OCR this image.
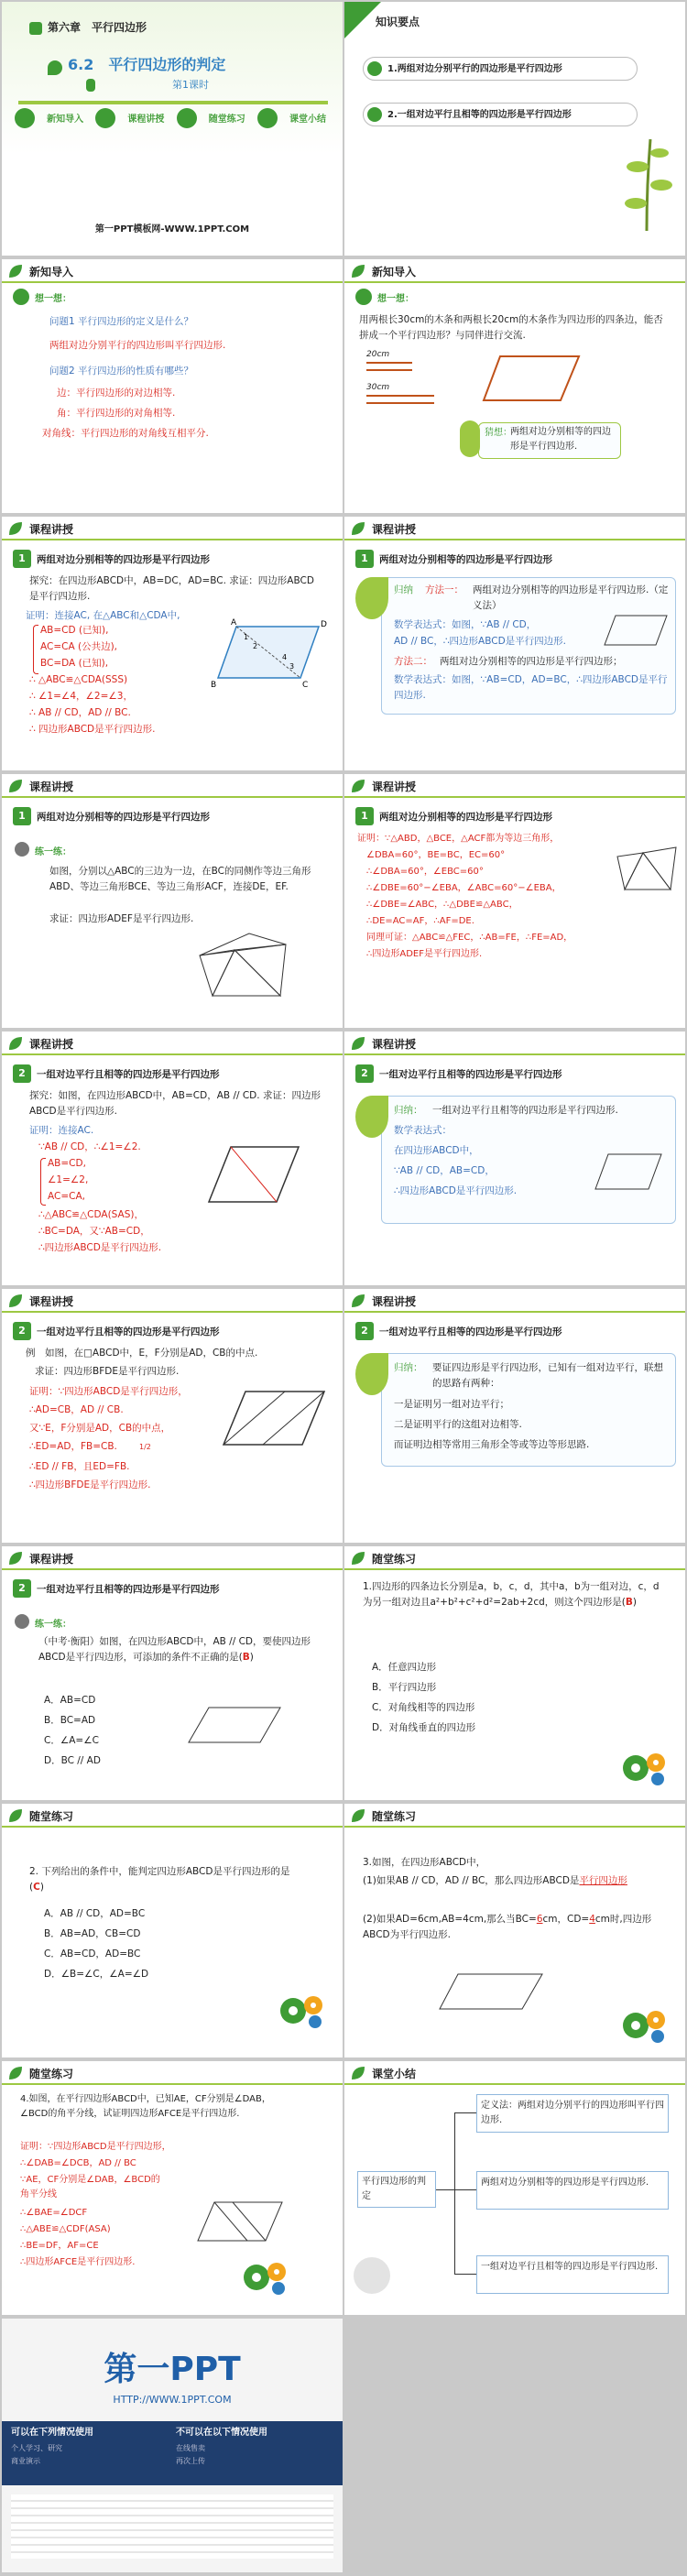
第六章　平行四边形
6.2　平行四边形的判定
第1课时
新知导入	课程讲授	随堂练习	课堂小结
第一PPT模板网-WWW.1PPT.COM
知识要点
1.两组对边分别平行的四边形是平行四边形
2.一组对边平行且相等的四边形是平行四边形
新知导入
想一想：
问题1 平行四边形的定义是什么？
两组对边分别平行的四边形叫平行四边形.
问题2 平行四边形的性质有哪些？
边：平行四边形的对边相等.
角：平行四边形的对角相等.
对角线：平行四边形的对角线互相平分.
新知导入
想一想：
用两根长30cm的木条和两根长20cm的木条作为四边形的四条边，能否拼成一个平行四边形？与同伴进行交流.
20cm
30cm
猜想：
两组对边分别相等的四边形是平行四边形.
课程讲授
1	两组对边分别相等的四边形是平行四边形
探究：在四边形ABCD中，AB=DC，AD=BC. 求证：四边形ABCD是平行四边形.
证明：连接AC, 在△ABC和△CDA中,
AB=CD (已知),
AC=CA (公共边),
BC=DA (已知),
∴ △ABC≌△CDA(SSS)
∴ ∠1=∠4，∠2=∠3，
∴ AB // CD，AD // BC.
∴ 四边形ABCD是平行四边形.
A
B	C
D
1
2
3
4
课程讲授
1	两组对边分别相等的四边形是平行四边形
归纳 方法一： 两组对边分别相等的四边形是平行四边形.（定义法）
数学表达式：如图，∵AB // CD，
AD // BC，∴四边形ABCD是平行四边形.
方法二： 两组对边分别相等的四边形是平行四边形；
数学表达式：如图，∵AB=CD，AD=BC，∴四边形ABCD是平行四边形.
课程讲授
1	两组对边分别相等的四边形是平行四边形
练一练：
如图，分别以△ABC的三边为一边，在BC的同侧作等边三角形ABD、等边三角形BCE、等边三角形ACF，连接DE，EF.
求证：四边形ADEF是平行四边形.
课程讲授
1	两组对边分别相等的四边形是平行四边形
证明：∵△ABD，△BCE，△ACF都为等边三角形，
∠DBA=60°，BE=BC，EC=60°
∴∠DBA=60°，∠EBC=60°
∴∠DBE=60°−∠EBA，∠ABC=60°−∠EBA，
∴∠DBE=∠ABC，∴△DBE≌△ABC，
∴DE=AC=AF，∴AF=DE.
同理可证：△ABC≌△FEC，∴AB=FE，∴FE=AD，
∴四边形ADEF是平行四边形.
课程讲授
2	一组对边平行且相等的四边形是平行四边形
探究：如图，在四边形ABCD中，AB=CD，AB // CD. 求证：四边形ABCD是平行四边形.
证明：连接AC.
∵AB // CD，∴∠1=∠2.
AB=CD,
∠1=∠2,
AC=CA,
∴△ABC≌△CDA(SAS)，
∴BC=DA，又∵AB=CD，
∴四边形ABCD是平行四边形.
课程讲授
2	一组对边平行且相等的四边形是平行四边形
归纳： 一组对边平行且相等的四边形是平行四边形.
数学表达式：
在四边形ABCD中，
∵AB // CD，AB=CD，
∴四边形ABCD是平行四边形.
课程讲授
2	一组对边平行且相等的四边形是平行四边形
例　如图，在□ABCD中，E，F分别是AD，CB的中点.
求证：四边形BFDE是平行四边形.
证明：∵四边形ABCD是平行四边形，
∴AD=CB，AD // CB.
又∵E，F分别是AD，CB的中点，
∴ED=AD，FB=CB.	1/2
∴ED // FB，且ED=FB.
∴四边形BFDE是平行四边形.
课程讲授
2	一组对边平行且相等的四边形是平行四边形
归纳： 要证四边形是平行四边形，已知有一组对边平行，联想的思路有两种：
一是证明另一组对边平行；
二是证明平行的这组对边相等.
而证明边相等常用三角形全等或等边等形思路.
课程讲授
2	一组对边平行且相等的四边形是平行四边形
练一练：
（中考·衡阳）如图，在四边形ABCD中，AB // CD，要使四边形ABCD是平行四边形，可添加的条件不正确的是(B)
A．AB=CD
B．BC=AD
C．∠A=∠C
D．BC // AD
随堂练习
1.四边形的四条边长分别是a，b，c，d，其中a，b为一组对边，c，d为另一组对边且a²+b²+c²+d²=2ab+2cd，则这个四边形是(B)
A．任意四边形
B．平行四边形
C．对角线相等的四边形
D．对角线垂直的四边形
随堂练习
2. 下列给出的条件中，能判定四边形ABCD是平行四边形的是(C)
A．AB // CD，AD=BC
B．AB=AD，CB=CD
C．AB=CD，AD=BC
D．∠B=∠C，∠A=∠D
随堂练习
3.如图，在四边形ABCD中，
(1)如果AB // CD，AD // BC，那么四边形ABCD是平行四边形
(2)如果AD=6cm,AB=4cm,那么当BC=6cm，CD=4cm时,四边形ABCD为平行四边形.
随堂练习
4.如图，在平行四边形ABCD中，已知AE，CF分别是∠DAB，∠BCD的角平分线，试证明四边形AFCE是平行四边形.
证明：∵四边形ABCD是平行四边形，
∴∠DAB=∠DCB，AD // BC
∵AE，CF分别是∠DAB，∠BCD的角平分线
∴∠BAE=∠DCF
∴△ABE≌△CDF(ASA)
∴BE=DF，AF=CE
∴四边形AFCE是平行四边形.
课堂小结
平行四边形的判定
定义法：两组对边分别平行的四边形叫平行四边形.
两组对边分别相等的四边形是平行四边形.
一组对边平行且相等的四边形是平行四边形.
第一PPT
HTTP://WWW.1PPT.COM
可以在下列情况使用
个人学习、研究
商业演示
不可以在以下情况使用
在线售卖
再次上传
